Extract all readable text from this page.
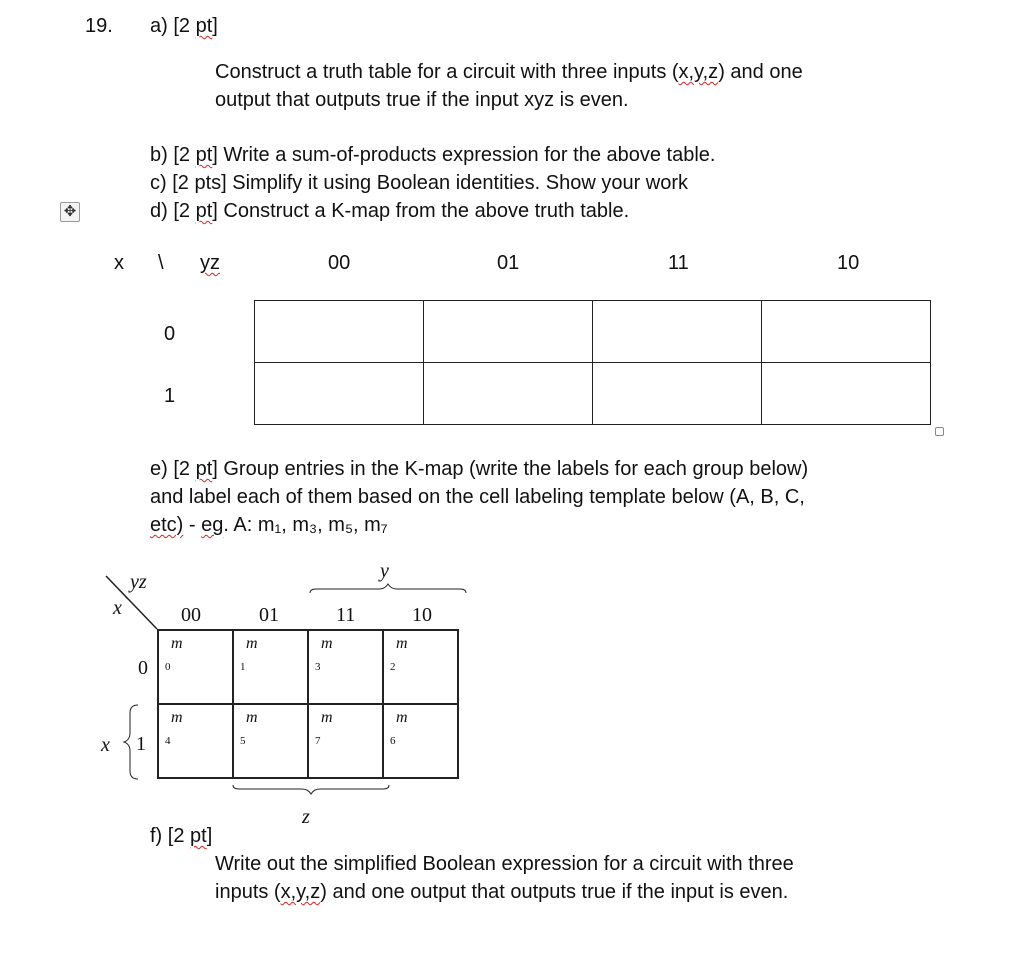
19. a) [2 pt]
Construct a truth table for a circuit with three inputs (x,y,z) and one
output that outputs true if the input xyz is even.
b) [2 pt] Write a sum-of-products expression for the above table.
c) [2 pts] Simplify it using Boolean identities. Show your work
✥	d) [2 pt] Construct a K-map from the above truth table.
x \ yz	00	01	11	10
0
1

e) [2 pt] Group entries in the K-map (write the labels for each group below)
and label each of them based on the cell labeling template below (A, B, C,
etc) - eg. A: m₁, m₃, m₅, m₇
yz
x
y
z
x
00	01	11	10
0
1
m
$_0$

m
$_1$

m
$_3$

m
$_2$

m
$_4$

m
$_5$

m
$_7$

m
$_6$
f) [2 pt]
Write out the simplified Boolean expression for a circuit with three
inputs (x,y,z) and one output that outputs true if the input is even.
